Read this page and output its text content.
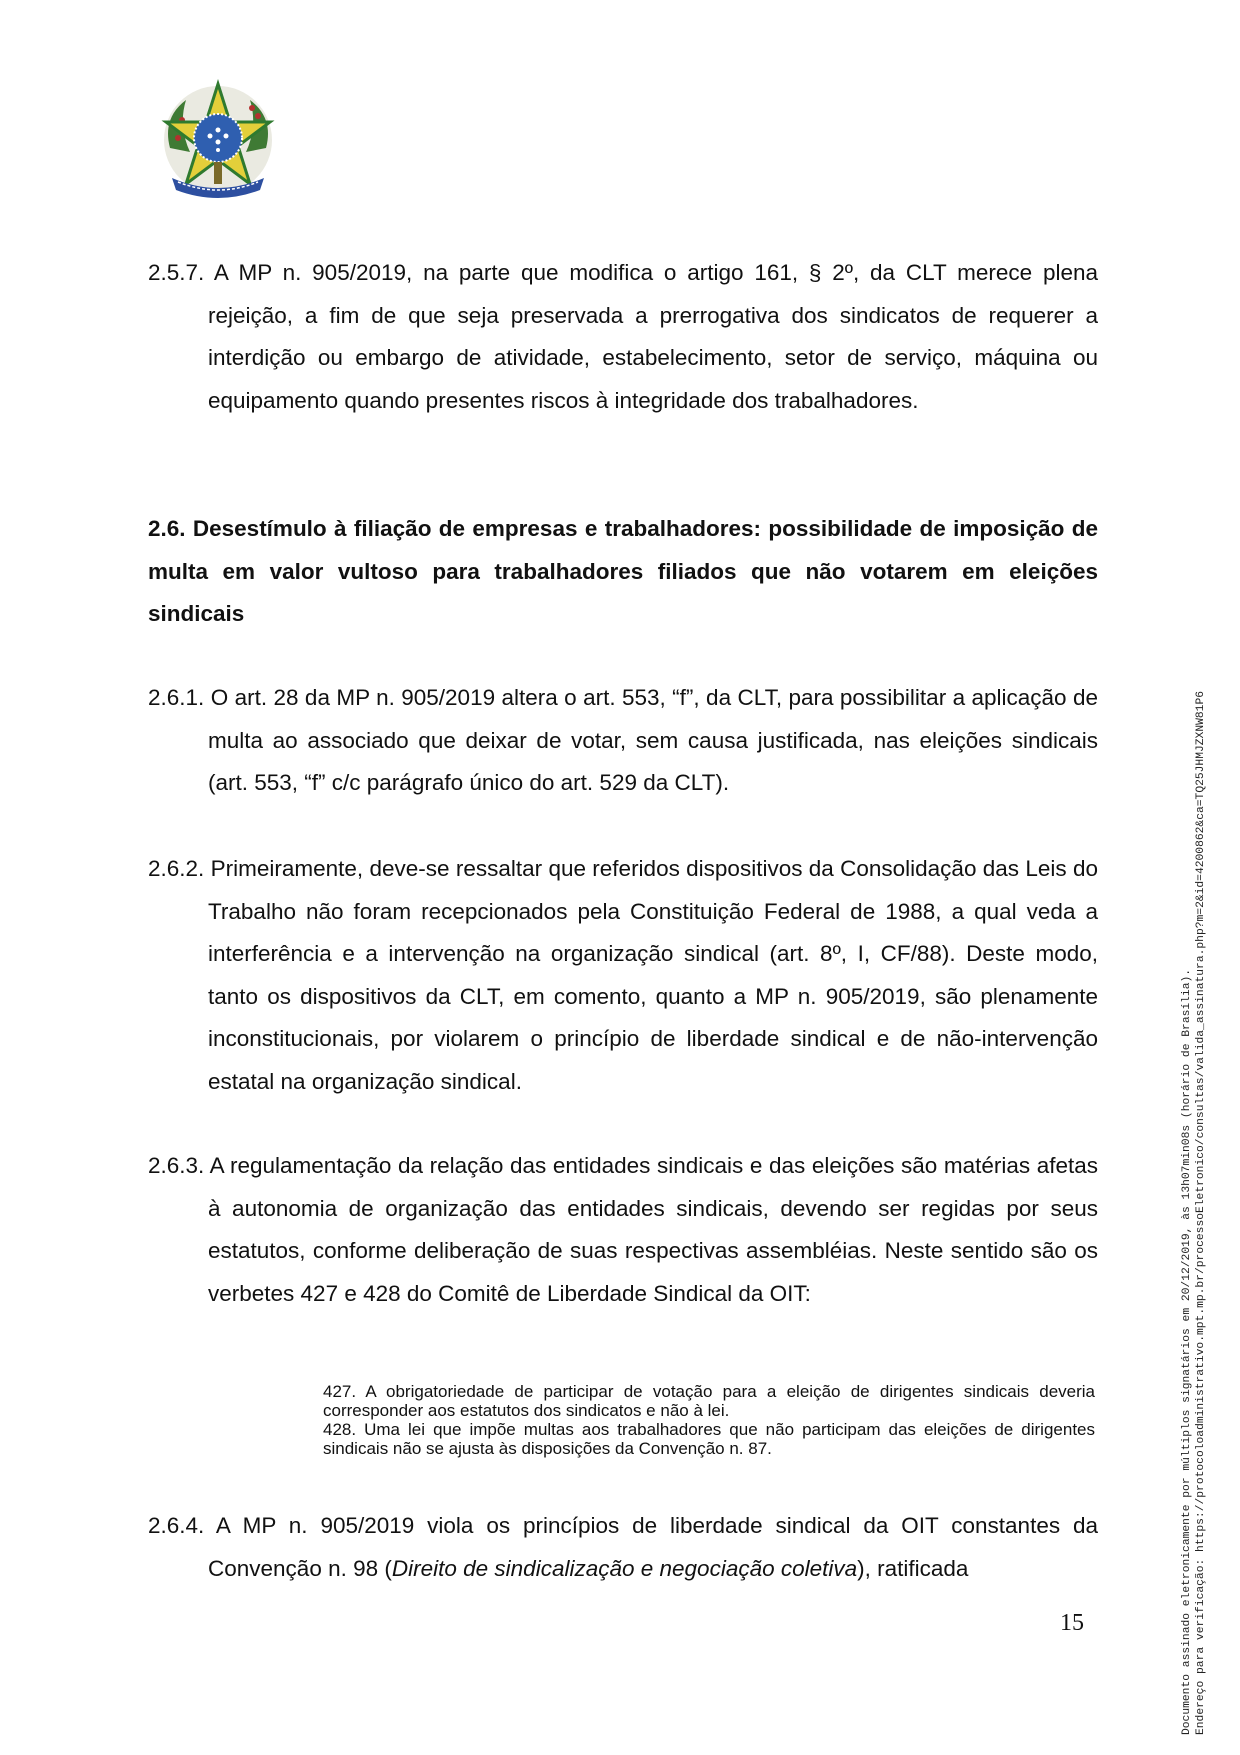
2.5.7. A MP n. 905/2019, na parte que modifica o artigo 161, § 2º, da CLT merece plena rejeição, a fim de que seja preservada a prerrogativa dos sindicatos de requerer a interdição ou embargo de atividade, estabelecimento, setor de serviço, máquina ou equipamento quando presentes riscos à integridade dos trabalhadores.

2.6. Desestímulo à filiação de empresas e trabalhadores: possibilidade de imposição de multa em valor vultoso para trabalhadores filiados que não votarem em eleições sindicais

2.6.1. O art. 28 da MP n. 905/2019 altera o art. 553, “f”, da CLT, para possibilitar a aplicação de multa ao associado que deixar de votar, sem causa justificada, nas eleições sindicais (art. 553, “f” c/c parágrafo único do art. 529 da CLT).

2.6.2. Primeiramente, deve-se ressaltar que referidos dispositivos da Consolidação das Leis do Trabalho não foram recepcionados pela Constituição Federal de 1988, a qual veda a interferência e a intervenção na organização sindical (art. 8º, I, CF/88). Deste modo, tanto os dispositivos da CLT, em comento, quanto a MP n. 905/2019, são plenamente inconstitucionais, por violarem o princípio de liberdade sindical e de não-intervenção estatal na organização sindical.

2.6.3. A regulamentação da relação das entidades sindicais e das eleições são matérias afetas à autonomia de organização das entidades sindicais, devendo ser regidas por seus estatutos, conforme deliberação de suas respectivas assembléias. Neste sentido são os verbetes 427 e 428 do Comitê de Liberdade Sindical da OIT:

2.6.4. A MP n. 905/2019 viola os princípios de liberdade sindical da OIT constantes da Convenção n. 98 (Direito de sindicalização e negociação coletiva), ratificada

427. A obrigatoriedade de participar de votação para a eleição de dirigentes sindicais deveria corresponder aos estatutos dos sindicatos e não à lei.

428. Uma lei que impõe multas aos trabalhadores que não participam das eleições de dirigentes sindicais não se ajusta às disposições da Convenção n. 87.

15	Documento assinado eletronicamente por múltiplos signatários em 20/12/2019, às 13h07min08s (horário de Brasília). Endereço para verificação: https://protocoloadministrativo.mpt.mp.br/processoEletronico/consultas/valida_assinatura.php?m=2&id=4200862&ca=TQ25JHMJZXNW81P6
